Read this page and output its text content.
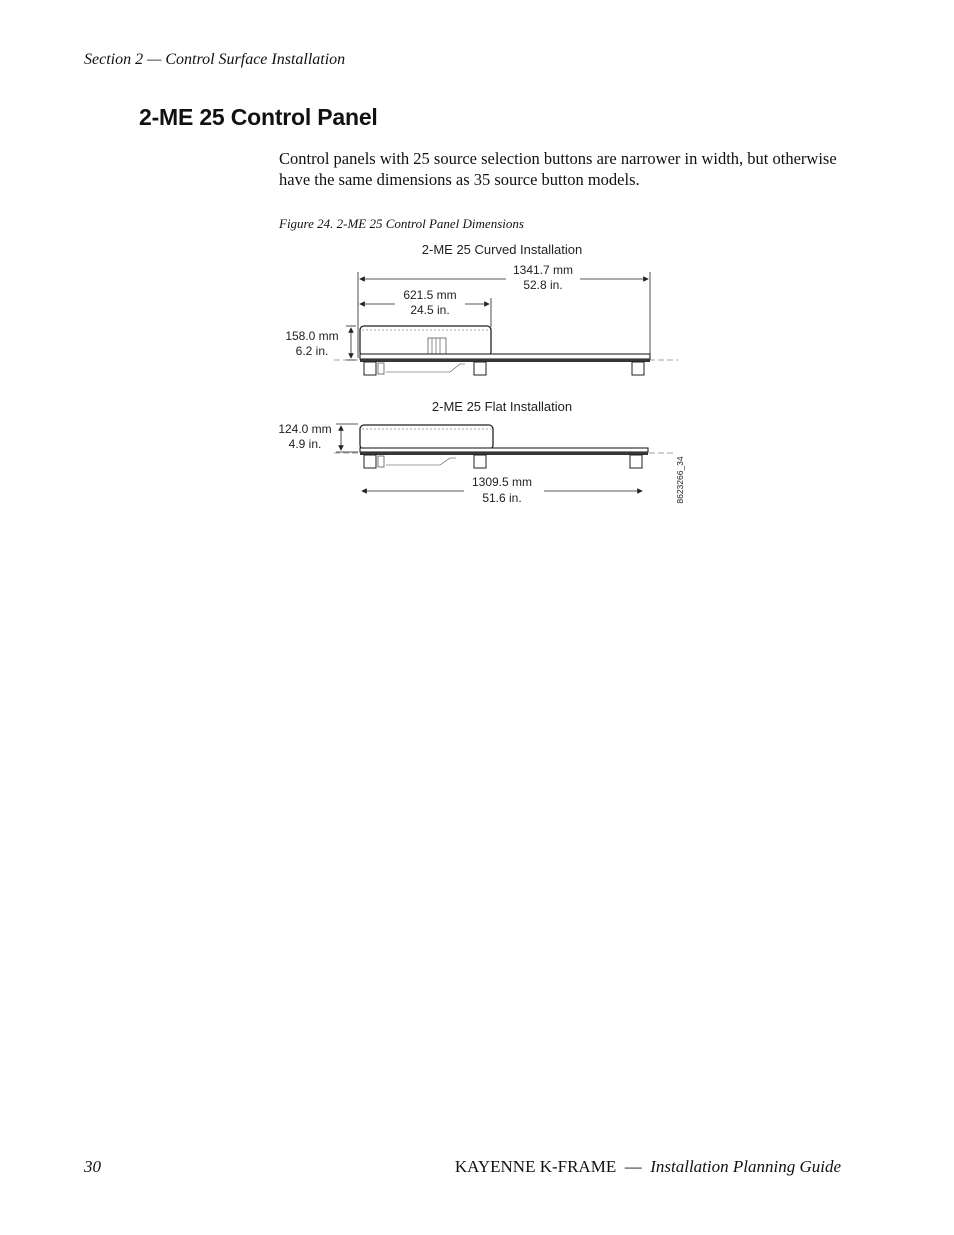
Section 2 — Control Surface Installation
2-ME 25 Control Panel

Control panels with 25 source selection buttons are narrower in width, but otherwise have the same dimensions as 35 source button models.

Figure 24. 2-ME 25 Control Panel Dimensions
2-ME 25 Curved Installation
1341.7 mm
52.8 in.
621.5 mm
24.5 in.
158.0 mm
6.2 in.
2-ME 25 Flat Installation
124.0 mm
4.9 in.
1309.5 mm
51.6 in.	8623266_34
30	KAYENNE K-FRAME — Installation Planning Guide
